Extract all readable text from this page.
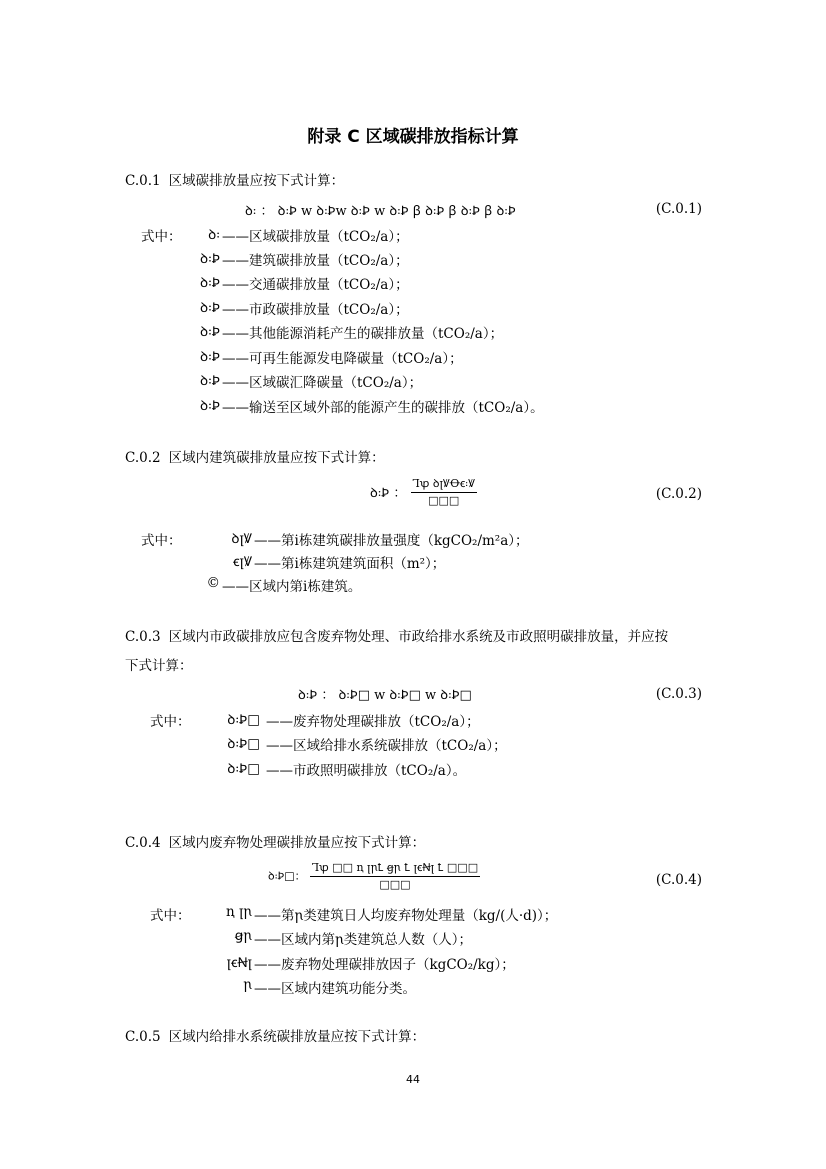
附录 C 区域碳排放指标计算
C.0.1 区域碳排放量应按下式计算：
ꝺ꞉ ： ꝺ꞉Ꝧ w ꝺ꞉Ꝧw ꝺ꞉Ꝧ w ꝺ꞉Ꝧ ꞵ ꝺ꞉Ꝧ ꞵ ꝺ꞉Ꝧ ꞵ ꝺ꞉Ꝧ	(C.0.1)
式中：	ꝺ꞉ ——区域碳排放量（tCO₂/a）；
ꝺ꞉Ꝧ ——建筑碳排放量（tCO₂/a）；
ꝺ꞉Ꝧ ——交通碳排放量（tCO₂/a）；
ꝺ꞉Ꝧ ——市政碳排放量（tCO₂/a）；
ꝺ꞉Ꝧ ——其他能源消耗产生的碳排放量（tCO₂/a）；
ꝺ꞉Ꝧ ——可再生能源发电降碳量（tCO₂/a）；
ꝺ꞉Ꝧ ——区域碳汇降碳量（tCO₂/a）；
ꝺ꞉Ꝧ ——输送至区域外部的能源产生的碳排放（tCO₂/a）。
C.0.2 区域内建筑碳排放量应按下式计算：
ꝺ꞉Ꝧ ： $\frac{\text{Ꞁꝕ ꝺꞁꝞꝊꞓ꞉Ꝟ}}{□□□}$	(C.0.2)
式中：	ꝺꞁꝞ ——第i栋建筑碳排放量强度（kgCO₂/m²a）；
ꞓꞁꝞ ——第i栋建筑建筑面积（m²）；
© ——区域内第i栋建筑。
C.0.3 区域内市政碳排放应包含废弃物处理、市政给排水系统及市政照明碳排放量，并应按
下式计算：
ꝺ꞉Ꝧ ： ꝺ꞉Ꝧ□ w ꝺ꞉Ꝧ□ w ꝺ꞉Ꝧ□	(C.0.3)
式中：	ꝺ꞉Ꝧ□ ——废弃物处理碳排放（tCO₂/a）；
ꝺ꞉Ꝧ□ ——区域给排水系统碳排放（tCO₂/a）；
ꝺ꞉Ꝧ□ ——市政照明碳排放（tCO₂/a）。
C.0.4 区域内废弃物处理碳排放量应按下式计算：
ꝺ꞉Ꝧ□： $\frac{\text{Ꞁꝕ □□ ꞑ ꞁꞃꝈ ꞡꞃ Ꝉ ꞁꞓꞤꞁ Ꝉ □□□}}{□□□}$	(C.0.4)
式中：	ꞑ ꞁꞃ ——第ꞃ类建筑日人均废弃物处理量（kg/(人·d)）；
ꞡꞃ ——区域内第ꞃ类建筑总人数（人）；
ꞁꞓꞤꞁ ——废弃物处理碳排放因子（kgCO₂/kg）；
ꞃ ——区域内建筑功能分类。
C.0.5 区域内给排水系统碳排放量应按下式计算：
44
